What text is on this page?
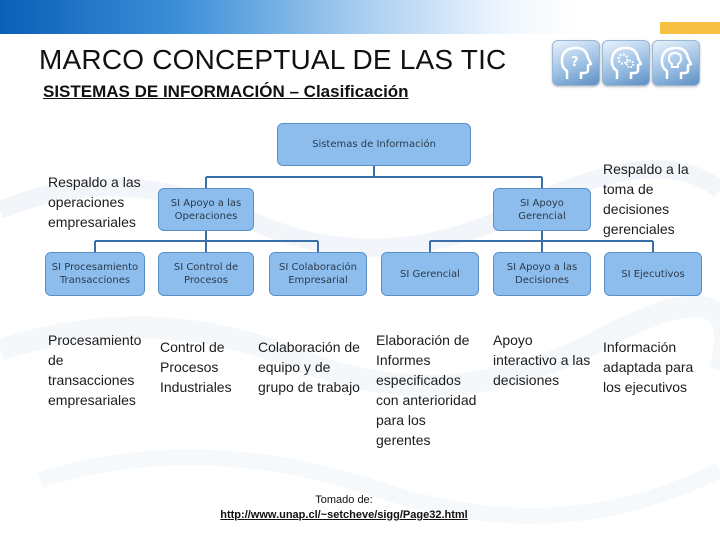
MARCO CONCEPTUAL DE LAS TIC
SISTEMAS DE INFORMACIÓN – Clasificación
?
Sistemas de Información
SI Apoyo a las Operaciones
SI Apoyo Gerencial
SI Procesamiento Transacciones
SI Control de Procesos
SI Colaboración Empresarial
SI Gerencial
SI Apoyo a las Decisiones
SI Ejecutivos

Respaldo a las operaciones empresariales

Respaldo a la toma de decisiones gerenciales

Procesamiento de transacciones empresariales

Control de Procesos Industriales

Colaboración de equipo y de grupo de trabajo

Elaboración de Informes especificados con anterioridad para los gerentes

Apoyo interactivo a las decisiones

Información adaptada para los ejecutivos

Tomado de:

http://www.unap.cl/~setcheve/sigg/Page32.html
